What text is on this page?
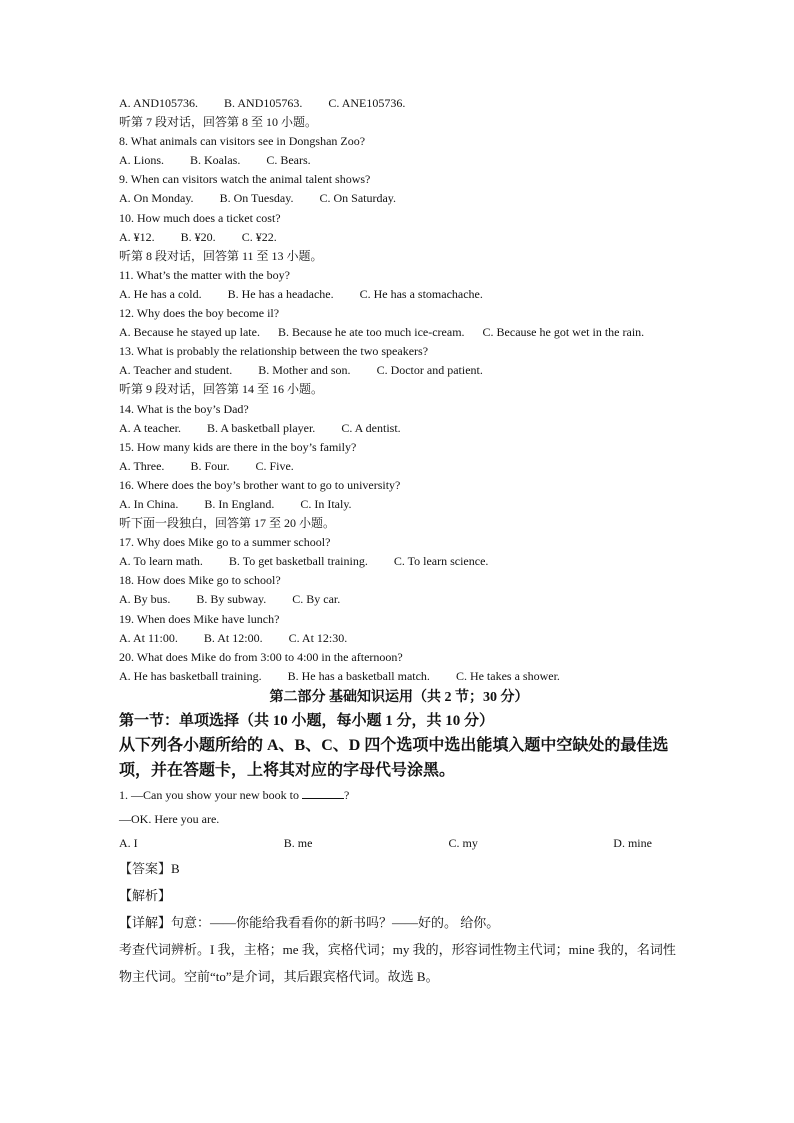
A. AND105736. B. AND105763. C. ANE105736.
听第 7 段对话，回答第 8 至 10 小题。
8. What animals can visitors see in Dongshan Zoo?
A. Lions. B. Koalas. C. Bears.
9. When can visitors watch the animal talent shows?
A. On Monday. B. On Tuesday. C. On Saturday.
10. How much does a ticket cost?
A. ¥12. B. ¥20. C. ¥22.
听第 8 段对话，回答第 11 至 13 小题。
11. What’s the matter with the boy?
A. He has a cold. B. He has a headache. C. He has a stomachache.
12. Why does the boy become il?
A. Because he stayed up late.      B. Because he ate too much ice-cream.      C. Because he got wet in the rain.
13. What is probably the relationship between the two speakers?
A. Teacher and student. B. Mother and son. C. Doctor and patient.
听第 9 段对话，回答第 14 至 16 小题。
14. What is the boy’s Dad?
A. A teacher. B. A basketball player. C. A dentist.
15. How many kids are there in the boy’s family?
A. Three. B. Four. C. Five.
16. Where does the boy’s brother want to go to university?
A. In China. B. In England. C. In Italy.
听下面一段独白，回答第 17 至 20 小题。
17. Why does Mike go to a summer school?
A. To learn math. B. To get basketball training. C. To learn science.
18. How does Mike go to school?
A. By bus. B. By subway. C. By car.
19. When does Mike have lunch?
A. At 11:00. B. At 12:00. C. At 12:30.
20. What does Mike do from 3:00 to 4:00 in the afternoon?
A. He has basketball training. B. He has a basketball match. C. He takes a shower.
第二部分 基础知识运用（共 2 节；30 分）
第一节：单项选择（共 10 小题，每小题 1 分，共 10 分）
从下列各小题所给的 A、B、C、D 四个选项中选出能填入题中空缺处的最佳选项，并在答题卡，上将其对应的字母代号涂黑。
1. —Can you show your new book to	?
—OK. Here you are.
A. I	B. me	C. my	D. mine
【答案】B
【解析】
【详解】句意：——你能给我看看你的新书吗？——好的。 给你。
考查代词辨析。I 我，主格；me 我，宾格代词；my 我的，形容词性物主代词；mine 我的，名词性物主代词。空前“to”是介词，其后跟宾格代词。故选 B。
